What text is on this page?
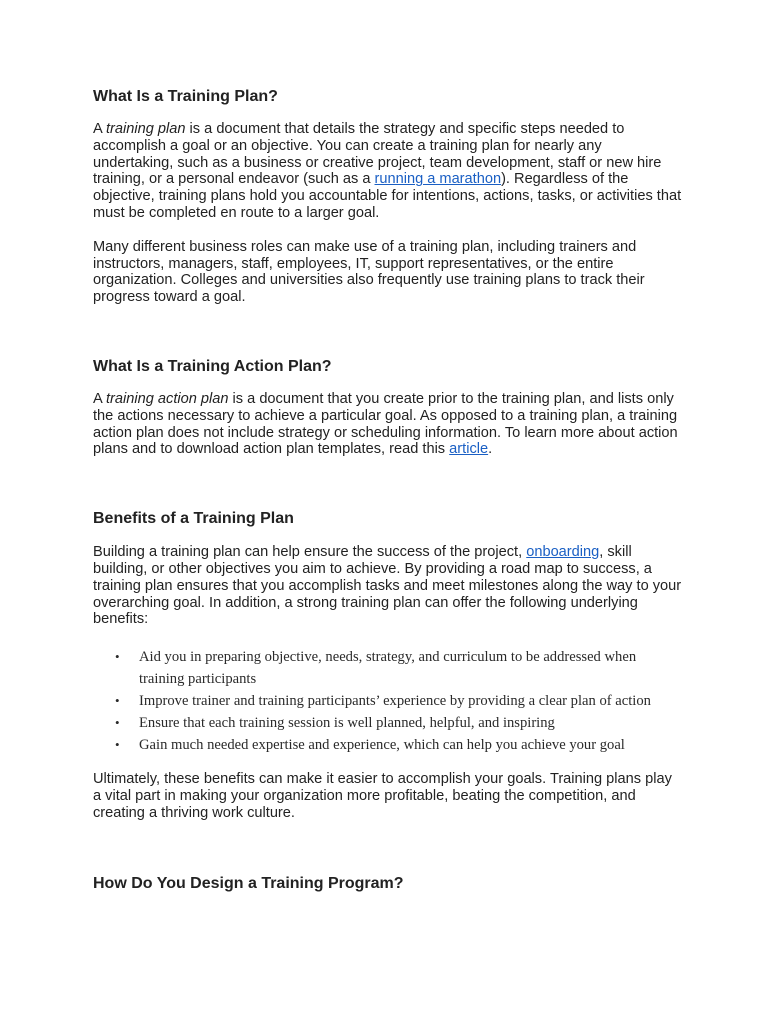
What Is a Training Plan?

A training plan is a document that details the strategy and specific steps needed to accomplish a goal or an objective. You can create a training plan for nearly any undertaking, such as a business or creative project, team development, staff or new hire training, or a personal endeavor (such as a running a marathon). Regardless of the objective, training plans hold you accountable for intentions, actions, tasks, or activities that must be completed en route to a larger goal.

Many different business roles can make use of a training plan, including trainers and instructors, managers, staff, employees, IT, support representatives, or the entire organization. Colleges and universities also frequently use training plans to track their progress toward a goal.

What Is a Training Action Plan?

A training action plan is a document that you create prior to the training plan, and lists only the actions necessary to achieve a particular goal. As opposed to a training plan, a training action plan does not include strategy or scheduling information. To learn more about action plans and to download action plan templates, read this article.

Benefits of a Training Plan

Building a training plan can help ensure the success of the project, onboarding, skill building, or other objectives you aim to achieve. By providing a road map to success, a training plan ensures that you accomplish tasks and meet milestones along the way to your overarching goal. In addition, a strong training plan can offer the following underlying benefits:

• Aid you in preparing objective, needs, strategy, and curriculum to be addressed when training participants
• Improve trainer and training participants’ experience by providing a clear plan of action
• Ensure that each training session is well planned, helpful, and inspiring
• Gain much needed expertise and experience, which can help you achieve your goal

Ultimately, these benefits can make it easier to accomplish your goals. Training plans play a vital part in making your organization more profitable, beating the competition, and creating a thriving work culture.

How Do You Design a Training Program?
